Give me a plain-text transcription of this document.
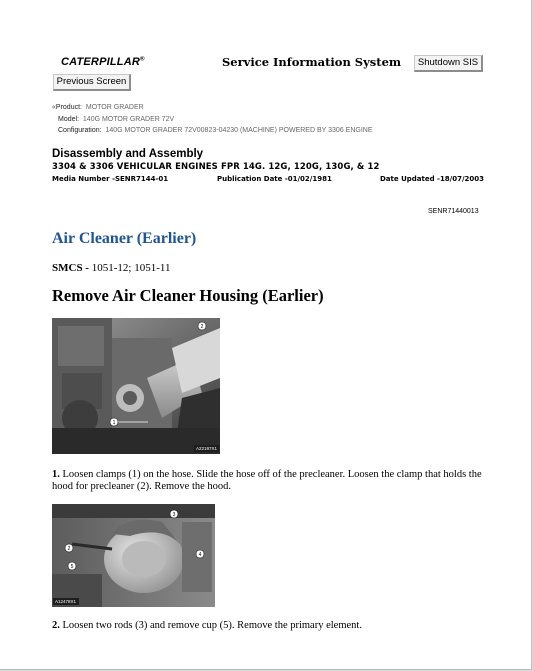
CATERPILLAR®	Service Information System	Shutdown SIS
Previous Screen
«Product: MOTOR GRADER
Model: 140G MOTOR GRADER 72V
Configuration: 140G MOTOR GRADER 72V00823-04230 (MACHINE) POWERED BY 3306 ENGINE
Disassembly and Assembly
3304 & 3306 VEHICULAR ENGINES FPR 14G. 12G, 120G, 130G, & 12
Media Number -SENR7144-01	Publication Date -01/02/1981	Date Updated -18/07/2003
SENR71440013
Air Cleaner (Earlier)
SMCS - 1051-12; 1051-11
Remove Air Cleaner Housing (Earlier)
1
2
A22197X1
1. Loosen clamps (1) on the hose. Slide the hose off of the precleaner. Loosen the clamp that holds the hood for precleaner (2). Remove the hood.
2
3
4
5
A12478X1
2. Loosen two rods (3) and remove cup (5). Remove the primary element.
